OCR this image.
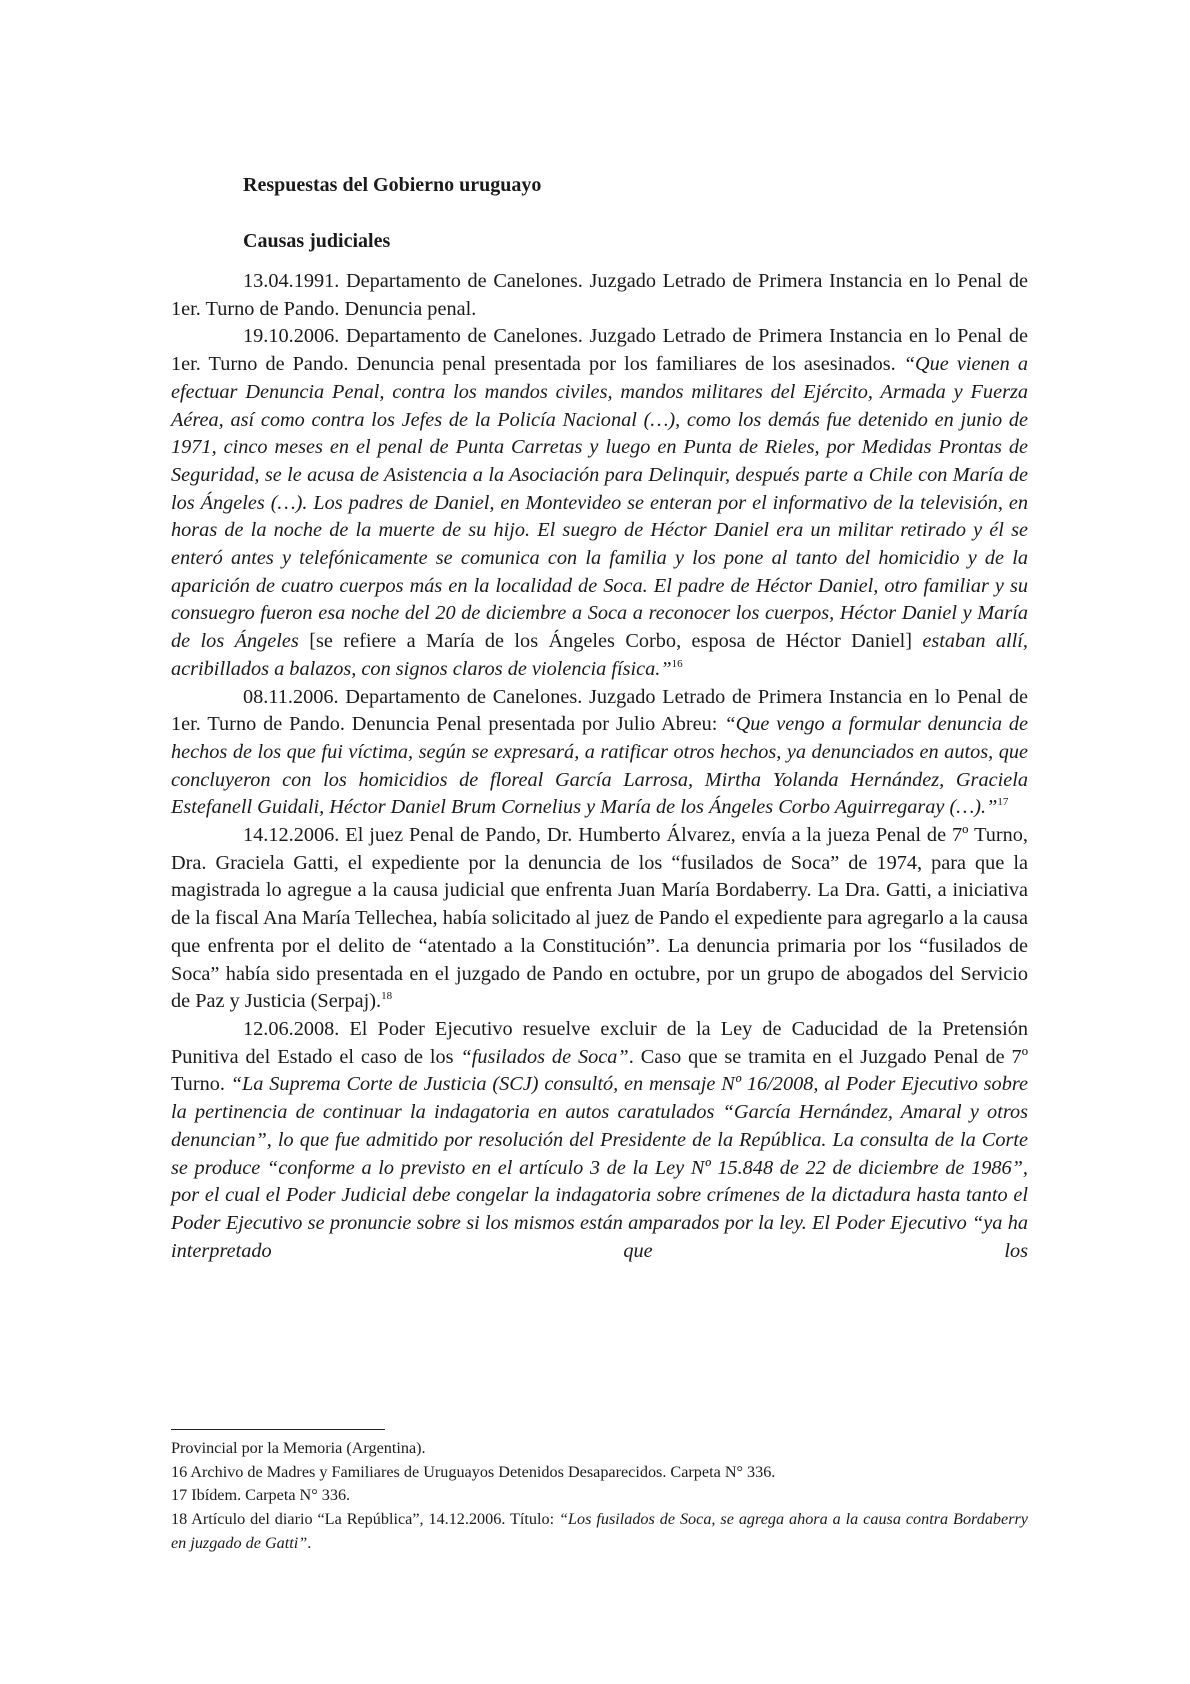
Respuestas del Gobierno uruguayo
Causas judiciales

13.04.1991. Departamento de Canelones. Juzgado Letrado de Primera Instancia en lo Penal de 1er. Turno de Pando. Denuncia penal.

19.10.2006. Departamento de Canelones. Juzgado Letrado de Primera Instancia en lo Penal de 1er. Turno de Pando. Denuncia penal presentada por los familiares de los asesinados. “Que vienen a efectuar Denuncia Penal, contra los mandos civiles, mandos militares del Ejército, Armada y Fuerza Aérea, así como contra los Jefes de la Policía Nacional (…), como los demás fue detenido en junio de 1971, cinco meses en el penal de Punta Carretas y luego en Punta de Rieles, por Medidas Prontas de Seguridad, se le acusa de Asistencia a la Asociación para Delinquir, después parte a Chile con María de los Ángeles (…). Los padres de Daniel, en Montevideo se enteran por el informativo de la televisión, en horas de la noche de la muerte de su hijo. El suegro de Héctor Daniel era un militar retirado y él se enteró antes y telefónicamente se comunica con la familia y los pone al tanto del homicidio y de la aparición de cuatro cuerpos más en la localidad de Soca. El padre de Héctor Daniel, otro familiar y su consuegro fueron esa noche del 20 de diciembre a Soca a reconocer los cuerpos, Héctor Daniel y María de los Ángeles [se refiere a María de los Ángeles Corbo, esposa de Héctor Daniel] estaban allí, acribillados a balazos, con signos claros de violencia física.”$^{16}$

08.11.2006. Departamento de Canelones. Juzgado Letrado de Primera Instancia en lo Penal de 1er. Turno de Pando. Denuncia Penal presentada por Julio Abreu: “Que vengo a formular denuncia de hechos de los que fui víctima, según se expresará, a ratificar otros hechos, ya denunciados en autos, que concluyeron con los homicidios de floreal García Larrosa, Mirtha Yolanda Hernández, Graciela Estefanell Guidali, Héctor Daniel Brum Cornelius y María de los Ángeles Corbo Aguirregaray (…).”$^{17}$

14.12.2006. El juez Penal de Pando, Dr. Humberto Álvarez, envía a la jueza Penal de 7º Turno, Dra. Graciela Gatti, el expediente por la denuncia de los “fusilados de Soca” de 1974, para que la magistrada lo agregue a la causa judicial que enfrenta Juan María Bordaberry. La Dra. Gatti, a iniciativa de la fiscal Ana María Tellechea, había solicitado al juez de Pando el expediente para agregarlo a la causa que enfrenta por el delito de “atentado a la Constitución”. La denuncia primaria por los “fusilados de Soca” había sido presentada en el juzgado de Pando en octubre, por un grupo de abogados del Servicio de Paz y Justicia (Serpaj).$^{18}$

12.06.2008. El Poder Ejecutivo resuelve excluir de la Ley de Caducidad de la Pretensión Punitiva del Estado el caso de los “fusilados de Soca”. Caso que se tramita en el Juzgado Penal de 7º Turno. “La Suprema Corte de Justicia (SCJ) consultó, en mensaje Nº 16/2008, al Poder Ejecutivo sobre la pertinencia de continuar la indagatoria en autos caratulados “García Hernández, Amaral y otros denuncian”, lo que fue admitido por resolución del Presidente de la República. La consulta de la Corte se produce “conforme a lo previsto en el artículo 3 de la Ley Nº 15.848 de 22 de diciembre de 1986”, por el cual el Poder Judicial debe congelar la indagatoria sobre crímenes de la dictadura hasta tanto el Poder Ejecutivo se pronuncie sobre si los mismos están amparados por la ley. El Poder Ejecutivo “ya ha interpretado que los

Provincial por la Memoria (Argentina).
16 Archivo de Madres y Familiares de Uruguayos Detenidos Desaparecidos. Carpeta N° 336.
17 Ibídem. Carpeta N° 336.
18 Artículo del diario “La República”, 14.12.2006. Título: “Los fusilados de Soca, se agrega ahora a la causa contra Bordaberry en juzgado de Gatti”.
